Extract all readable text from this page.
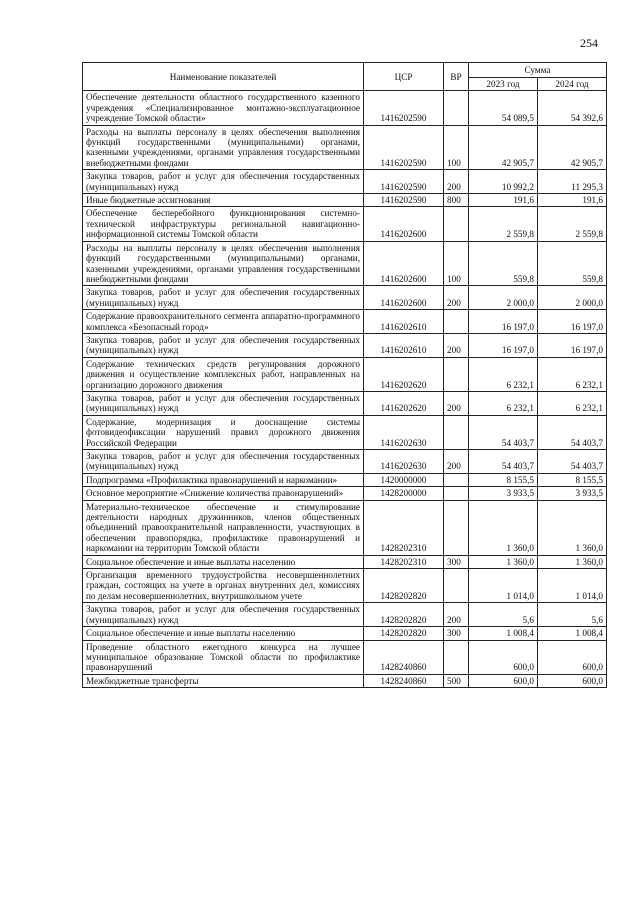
254
Наименование показателей	ЦСР	ВР	Сумма	
			2023 год	2024 год
Обеспечение деятельности областного государственного казенного учреждения «Специализированное монтажно-эксплуатационное учреждение Томской области»	1416202590		54 089,5	54 392,6
Расходы на выплаты персоналу в целях обеспечения выполнения функций государственными (муниципальными) органами, казенными учреждениями, органами управления государственными внебюджетными фондами	1416202590	100	42 905,7	42 905,7
Закупка товаров, работ и услуг для обеспечения государственных (муниципальных) нужд	1416202590	200	10 992,2	11 295,3
Иные бюджетные ассигнования	1416202590	800	191,6	191,6
Обеспечение бесперебойного функционирования системно-технической инфраструктуры региональной навигационно-информационной системы Томской области	1416202600		2 559,8	2 559,8
Расходы на выплаты персоналу в целях обеспечения выполнения функций государственными (муниципальными) органами, казенными учреждениями, органами управления государственными внебюджетными фондами	1416202600	100	559,8	559,8
Закупка товаров, работ и услуг для обеспечения государственных (муниципальных) нужд	1416202600	200	2 000,0	2 000,0
Содержание правоохранительного сегмента аппаратно-программного комплекса «Безопасный город»	1416202610		16 197,0	16 197,0
Закупка товаров, работ и услуг для обеспечения государственных (муниципальных) нужд	1416202610	200	16 197,0	16 197,0
Содержание технических средств регулирования дорожного движения и осуществление комплексных работ, направленных на организацию дорожного движения	1416202620		6 232,1	6 232,1
Закупка товаров, работ и услуг для обеспечения государственных (муниципальных) нужд	1416202620	200	6 232,1	6 232,1
Содержание, модернизация и дооснащение системы фотовидеофиксации нарушений правил дорожного движения Российской Федерации	1416202630		54 403,7	54 403,7
Закупка товаров, работ и услуг для обеспечения государственных (муниципальных) нужд	1416202630	200	54 403,7	54 403,7
Подпрограмма «Профилактика правонарушений и наркомании»	1420000000		8 155,5	8 155,5
Основное мероприятие «Снижение количества правонарушений»	1428200000		3 933,5	3 933,5
Материально-техническое обеспечение и стимулирование деятельности народных дружинников, членов общественных объединений правоохранительной направленности, участвующих в обеспечении правопорядка, профилактике правонарушений и наркомании на территории Томской области	1428202310		1 360,0	1 360,0
Социальное обеспечение и иные выплаты населению	1428202310	300	1 360,0	1 360,0
Организация временного трудоустройства несовершеннолетних граждан, состоящих на учете в органах внутренних дел, комиссиях по делам несовершеннолетних, внутришкольном учете	1428202820		1 014,0	1 014,0
Закупка товаров, работ и услуг для обеспечения государственных (муниципальных) нужд	1428202820	200	5,6	5,6
Социальное обеспечение и иные выплаты населению	1428202820	300	1 008,4	1 008,4
Проведение областного ежегодного конкурса на лучшее муниципальное образование Томской области по профилактике правонарушений	1428240860		600,0	600,0
Межбюджетные трансферты	1428240860	500	600,0	600,0
